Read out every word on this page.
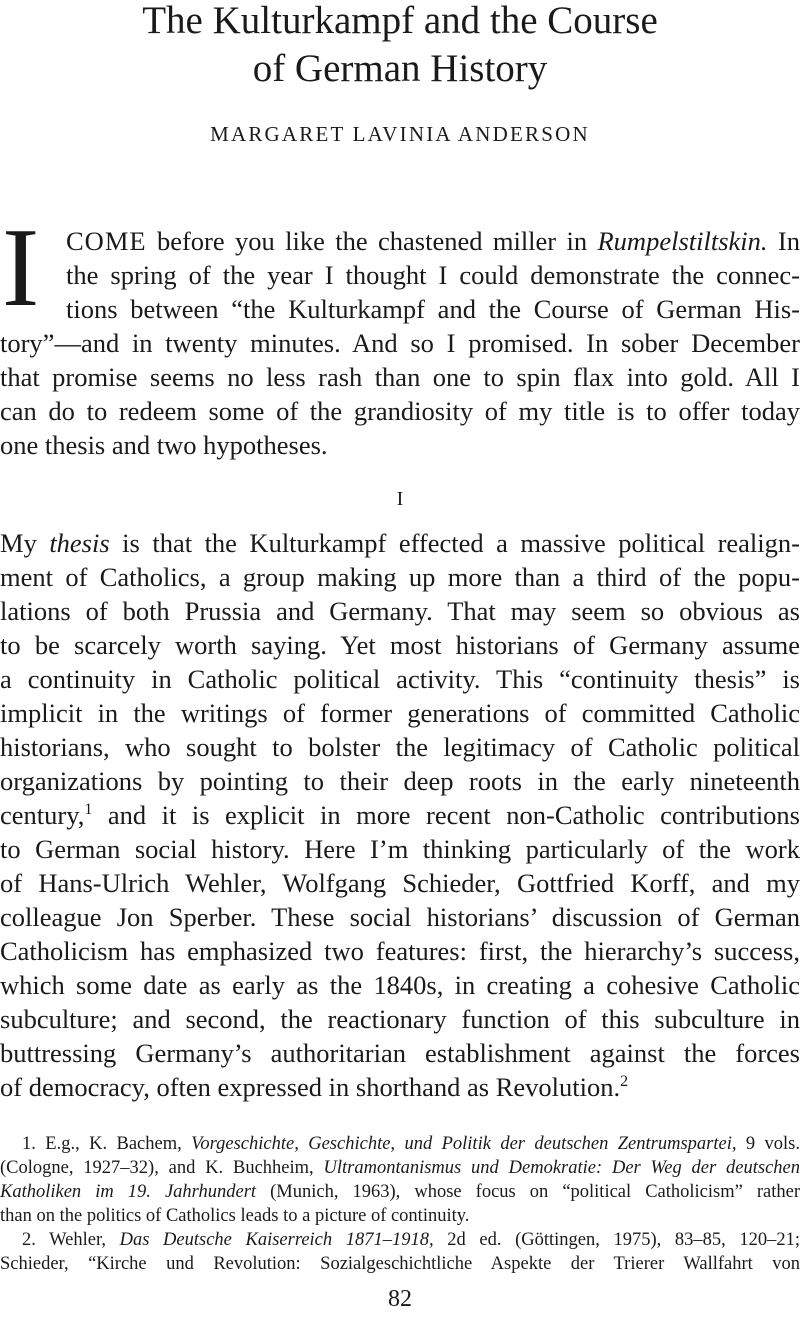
The Kulturkampf and the Course
of German History
MARGARET LAVINIA ANDERSON
I COME before you like the chastened miller in Rumpelstiltskin. In
the spring of the year I thought I could demonstrate the connec-
tions between “the Kulturkampf and the Course of German His-
tory”—and in twenty minutes. And so I promised. In sober December
that promise seems no less rash than one to spin flax into gold. All I
can do to redeem some of the grandiosity of my title is to offer today
one thesis and two hypotheses.
I
My thesis is that the Kulturkampf effected a massive political realign-
ment of Catholics, a group making up more than a third of the popu-
lations of both Prussia and Germany. That may seem so obvious as
to be scarcely worth saying. Yet most historians of Germany assume
a continuity in Catholic political activity. This “continuity thesis” is
implicit in the writings of former generations of committed Catholic
historians, who sought to bolster the legitimacy of Catholic political
organizations by pointing to their deep roots in the early nineteenth
century,$^1$ and it is explicit in more recent non-Catholic contributions
to German social history. Here I’m thinking particularly of the work
of Hans-Ulrich Wehler, Wolfgang Schieder, Gottfried Korff, and my
colleague Jon Sperber. These social historians’ discussion of German
Catholicism has emphasized two features: first, the hierarchy’s success,
which some date as early as the 1840s, in creating a cohesive Catholic
subculture; and second, the reactionary function of this subculture in
buttressing Germany’s authoritarian establishment against the forces
of democracy, often expressed in shorthand as Revolution.$^2$
1. E.g., K. Bachem, Vorgeschichte, Geschichte, und Politik der deutschen Zentrumspartei, 9 vols.
(Cologne, 1927–32), and K. Buchheim, Ultramontanismus und Demokratie: Der Weg der deutschen
Katholiken im 19. Jahrhundert (Munich, 1963), whose focus on “political Catholicism” rather
than on the politics of Catholics leads to a picture of continuity.
2. Wehler, Das Deutsche Kaiserreich 1871–1918, 2d ed. (Göttingen, 1975), 83–85, 120–21;
Schieder, “Kirche und Revolution: Sozialgeschichtliche Aspekte der Trierer Wallfahrt von
82
